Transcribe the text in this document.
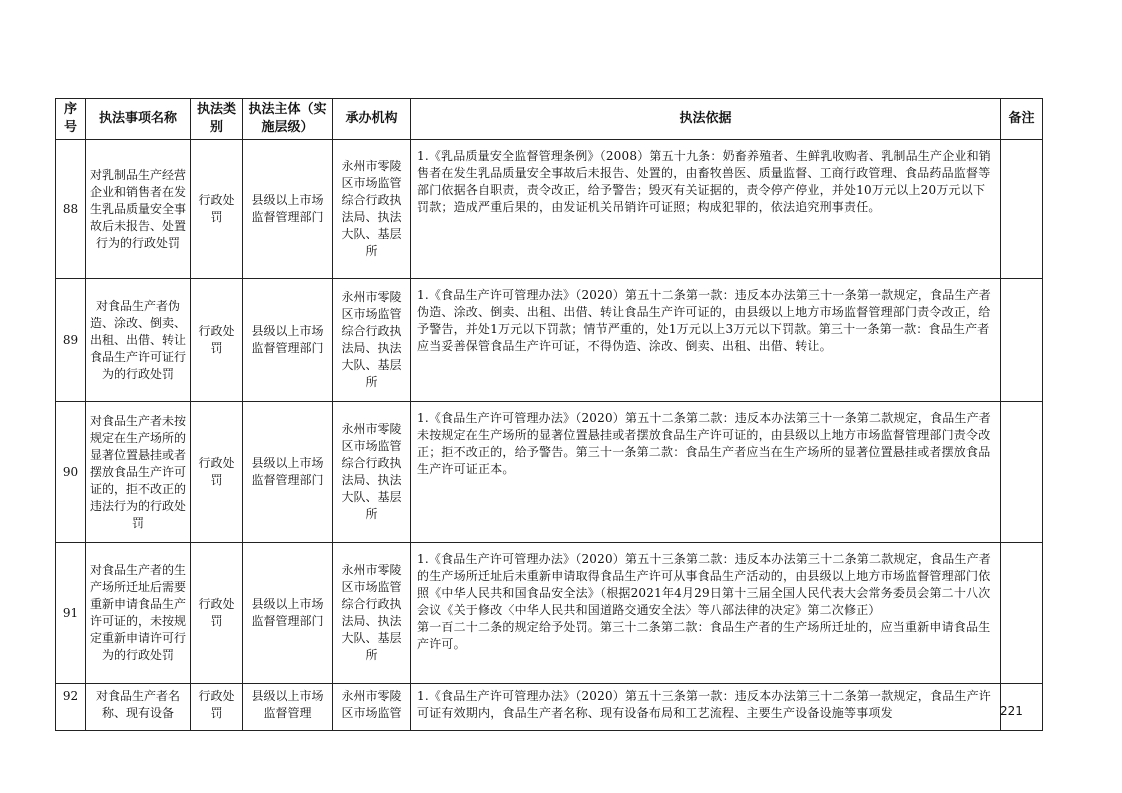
序号	执法事项名称	执法类别	执法主体（实施层级）	承办机构	执法依据	备注
88	对乳制品生产经营企业和销售者在发生乳品质量安全事故后未报告、处置行为的行政处罚	行政处罚	县级以上市场监督管理部门	永州市零陵区市场监管综合行政执法局、执法大队、基层所	1.《乳品质量安全监督管理条例》（2008）第五十九条：奶畜养殖者、生鲜乳收购者、乳制品生产企业和销售者在发生乳品质量安全事故后未报告、处置的，由畜牧兽医、质量监督、工商行政管理、食品药品监督等部门依据各自职责，责令改正，给予警告；毁灭有关证据的，责令停产停业，并处10万元以上20万元以下罚款；造成严重后果的，由发证机关吊销许可证照；构成犯罪的，依法追究刑事责任。	

89	对食品生产者伪造、涂改、倒卖、出租、出借、转让食品生产许可证行为的行政处罚	行政处罚	县级以上市场监督管理部门	永州市零陵区市场监管综合行政执法局、执法大队、基层所	1.《食品生产许可管理办法》（2020）第五十二条第一款：违反本办法第三十一条第一款规定，食品生产者伪造、涂改、倒卖、出租、出借、转让食品生产许可证的，由县级以上地方市场监督管理部门责令改正，给予警告，并处1万元以下罚款；情节严重的，处1万元以上3万元以下罚款。第三十一条第一款：食品生产者应当妥善保管食品生产许可证，不得伪造、涂改、倒卖、出租、出借、转让。	

90	对食品生产者未按规定在生产场所的显著位置悬挂或者摆放食品生产许可证的，拒不改正的违法行为的行政处罚	行政处罚	县级以上市场监督管理部门	永州市零陵区市场监管综合行政执法局、执法大队、基层所	1.《食品生产许可管理办法》（2020）第五十二条第二款：违反本办法第三十一条第二款规定，食品生产者未按规定在生产场所的显著位置悬挂或者摆放食品生产许可证的，由县级以上地方市场监督管理部门责令改正；拒不改正的，给予警告。第三十一条第二款：食品生产者应当在生产场所的显著位置悬挂或者摆放食品生产许可证正本。	

91	对食品生产者的生产场所迁址后需要重新申请食品生产许可证的，未按规定重新申请许可行为的行政处罚	行政处罚	县级以上市场监督管理部门	永州市零陵区市场监管综合行政执法局、执法大队、基层所	1.《食品生产许可管理办法》（2020）第五十三条第二款：违反本办法第三十二条第二款规定，食品生产者的生产场所迁址后未重新申请取得食品生产许可从事食品生产活动的，由县级以上地方市场监督管理部门依照《中华人民共和国食品安全法》（根据2021年4月29日第十三届全国人民代表大会常务委员会第二十八次会议《关于修改〈中华人民共和国道路交通安全法〉等八部法律的决定》第二次修正）

第一百二十二条的规定给予处罚。第三十二条第二款：食品生产者的生产场所迁址的，应当重新申请食品生产许可。	

92	对食品生产者名称、现有设备	行政处罚	县级以上市场监督管理	永州市零陵区市场监管	1.《食品生产许可管理办法》（2020）第五十三条第一款：违反本办法第三十二条第一款规定，食品生产许可证有效期内，食品生产者名称、现有设备布局和工艺流程、主要生产设备设施等事项发	

		221
